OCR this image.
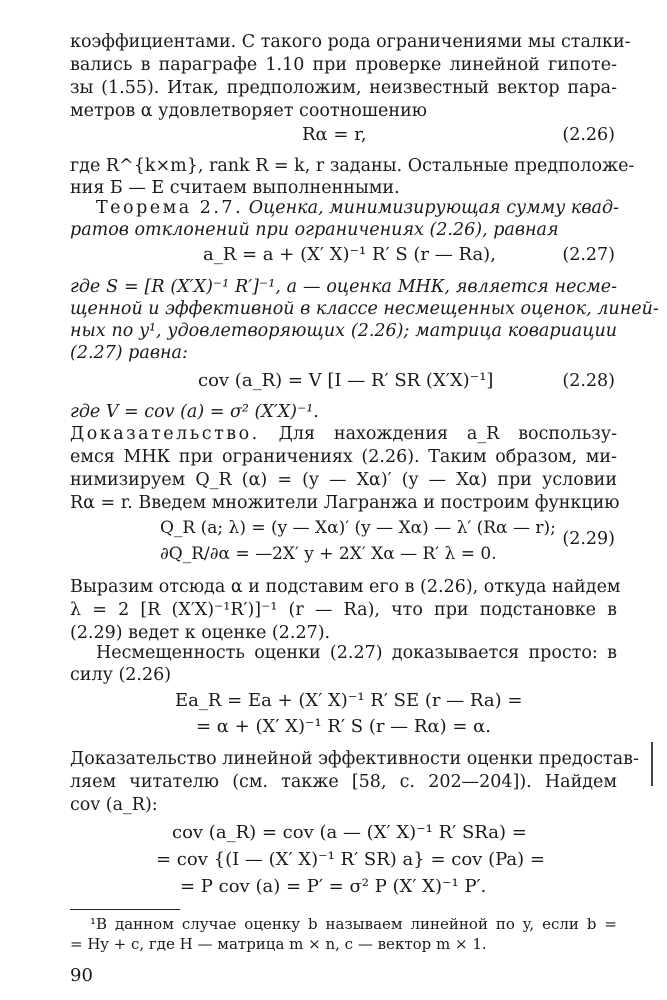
коэффициентами. С такого рода ограничениями мы сталки-
вались в параграфе 1.10 при проверке линейной гипоте-
зы (1.55). Итак, предположим, неизвестный вектор пара-
метров α удовлетворяет соотношению
Rα = r,	(2.26)
где R^{k×m}, rank R = k, r заданы. Остальные предположе-
ния Б — Е считаем выполненными.
Теорема 2.7. Оценка, минимизирующая сумму квад-
ратов отклонений при ограничениях (2.26), равная
a_R = a + (X′ X)⁻¹ R′ S (r — Ra),	(2.27)
где S = [R (X′X)⁻¹ R′]⁻¹, a — оценка МНК, является несме-
щенной и эффективной в классе несмещенных оценок, линей-
ных по y¹, удовлетворяющих (2.26); матрица ковариации
(2.27) равна:
cov (a_R) = V [I — R′ SR (X′X)⁻¹]	(2.28)
где V = cov (a) = σ² (X′X)⁻¹.
Доказательство. Для нахождения a_R воспользу-
емся МНК при ограничениях (2.26). Таким образом, ми-
нимизируем Q_R (α) = (y — Xα)′ (y — Xα) при условии
Rα = r. Введем множители Лагранжа и построим функцию
Q_R (a; λ) = (y — Xα)′ (y — Xα) — λ′ (Rα — r);
∂Q_R/∂α = —2X′ y + 2X′ Xα — R′ λ = 0.
(2.29)
Выразим отсюда α и подставим его в (2.26), откуда найдем
λ = 2 [R (X′X)⁻¹R′)]⁻¹ (r — Ra), что при подстановке в
(2.29) ведет к оценке (2.27).
Несмещенность оценки (2.27) доказывается просто: в
силу (2.26)
Ea_R = Ea + (X′ X)⁻¹ R′ SE (r — Ra) =
= α + (X′ X)⁻¹ R′ S (r — Rα) = α.
Доказательство линейной эффективности оценки предостав-
ляем читателю (см. также [58, с. 202—204]). Найдем
cov (a_R):
cov (a_R) = cov (a — (X′ X)⁻¹ R′ SRa) =
= cov {(I — (X′ X)⁻¹ R′ SR) a} = cov (Pa) =
= P cov (a) = P′ = σ² P (X′ X)⁻¹ P′.
¹В данном случае оценку b называем линейной по y, если b =
= Hy + c, где H — матрица m × n, c — вектор m × 1.
90
